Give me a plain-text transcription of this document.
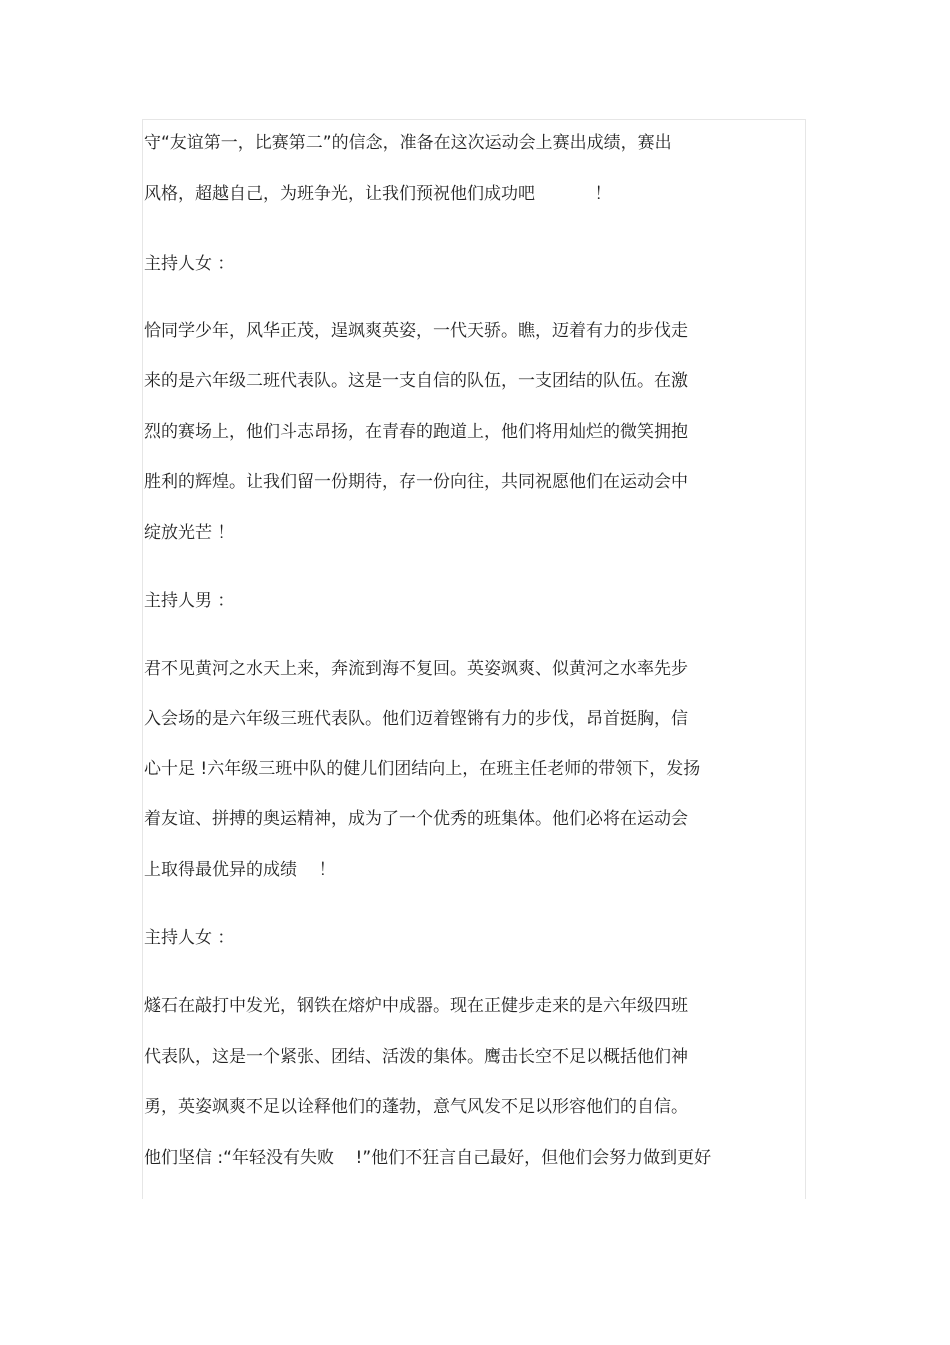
守“友谊第一，比赛第二”的信念，准备在这次运动会上赛出成绩，赛出
风格，超越自己，为班争光，让我们预祝他们成功吧           ！
主持人女 ：
恰同学少年，风华正茂，逞飒爽英姿，一代天骄。瞧，迈着有力的步伐走
来的是六年级二班代表队。这是一支自信的队伍，一支团结的队伍。在激
烈的赛场上，他们斗志昂扬，在青春的跑道上，他们将用灿烂的微笑拥抱
胜利的辉煌。让我们留一份期待，存一份向往，共同祝愿他们在运动会中
绽放光芒 ！
主持人男 ：
君不见黄河之水天上来，奔流到海不复回。英姿飒爽、似黄河之水率先步
入会场的是六年级三班代表队。他们迈着铿锵有力的步伐，昂首挺胸，信
心十足 !六年级三班中队的健儿们团结向上，在班主任老师的带领下，发扬
着友谊、拼搏的奥运精神，成为了一个优秀的班集体。他们必将在运动会
上取得最优异的成绩    ！
主持人女 ：
燧石在敲打中发光，钢铁在熔炉中成器。现在正健步走来的是六年级四班
代表队，这是一个紧张、团结、活泼的集体。鹰击长空不足以概括他们神
勇，英姿飒爽不足以诠释他们的蓬勃，意气风发不足以形容他们的自信。
他们坚信 :“年轻没有失败    !”他们不狂言自己最好，但他们会努力做到更好
